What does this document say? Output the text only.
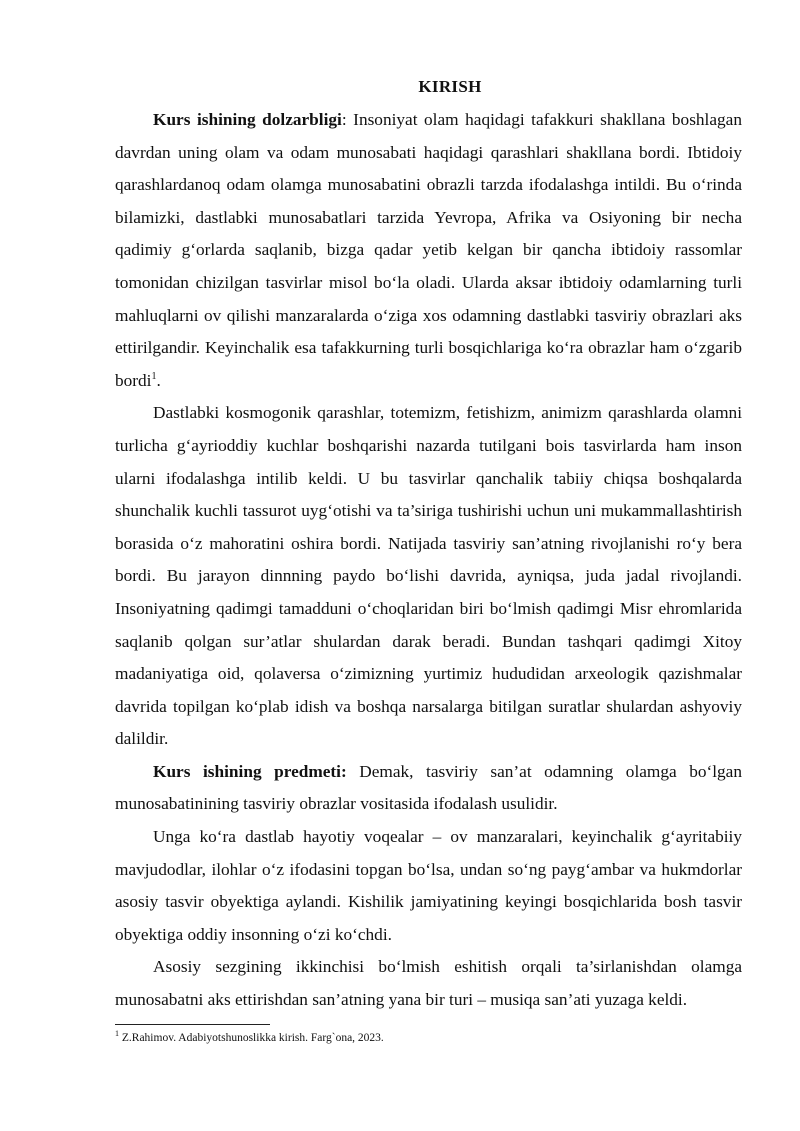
KIRISH

Kurs ishining dolzarbligi: Insoniyat olam haqidagi tafakkuri shakllana boshlagan davrdan uning olam va odam munosabati haqidagi qarashlari shakllana bordi. Ibtidoiy qarashlardanoq odam olamga munosabatini obrazli tarzda ifodalashga intildi. Bu o‘rinda bilamizki, dastlabki munosabatlari tarzida Yevropa, Afrika va Osiyoning bir necha qadimiy g‘orlarda saqlanib, bizga qadar yetib kelgan bir qancha ibtidoiy rassomlar tomonidan chizilgan tasvirlar misol bo‘la oladi. Ularda aksar ibtidoiy odamlarning turli mahluqlarni ov qilishi manzaralarda o‘ziga xos odamning dastlabki tasviriy obrazlari aks ettirilgandir. Keyinchalik esa tafakkurning turli bosqichlariga ko‘ra obrazlar ham o‘zgarib bordi$^1$.

Dastlabki kosmogonik qarashlar, totemizm, fetishizm, animizm qarashlarda olamni turlicha g‘ayrioddiy kuchlar boshqarishi nazarda tutilgani bois tasvirlarda ham inson ularni ifodalashga intilib keldi. U bu tasvirlar qanchalik tabiiy chiqsa boshqalarda shunchalik kuchli tassurot uyg‘otishi va ta’siriga tushirishi uchun uni mukammallashtirish borasida o‘z mahoratini oshira bordi. Natijada tasviriy san’atning rivojlanishi ro‘y bera bordi. Bu jarayon dinnning paydo bo‘lishi davrida, ayniqsa, juda jadal rivojlandi. Insoniyatning qadimgi tamadduni o‘choqlaridan biri bo‘lmish qadimgi Misr ehromlarida saqlanib qolgan sur’atlar shulardan darak beradi. Bundan tashqari qadimgi Xitoy madaniyatiga oid, qolaversa o‘zimizning yurtimiz hududidan arxeologik qazishmalar davrida topilgan ko‘plab idish va boshqa narsalarga bitilgan suratlar shulardan ashyoviy dalildir.

Kurs ishining predmeti: Demak, tasviriy san’at odamning olamga bo‘lgan munosabatinining tasviriy obrazlar vositasida ifodalash usulidir.

Unga ko‘ra dastlab hayotiy voqealar – ov manzaralari, keyinchalik g‘ayritabiiy mavjudodlar, ilohlar o‘z ifodasini topgan bo‘lsa, undan so‘ng payg‘ambar va hukmdorlar asosiy tasvir obyektiga aylandi. Kishilik jamiyatining keyingi bosqichlarida bosh tasvir obyektiga oddiy insonning o‘zi ko‘chdi.

Asosiy sezgining ikkinchisi bo‘lmish eshitish orqali ta’sirlanishdan olamga munosabatni aks ettirishdan san’atning yana bir turi – musiqa san’ati yuzaga keldi.

$^1$ Z.Rahimov. Adabiyotshunoslikka kirish. Farg`ona, 2023.
